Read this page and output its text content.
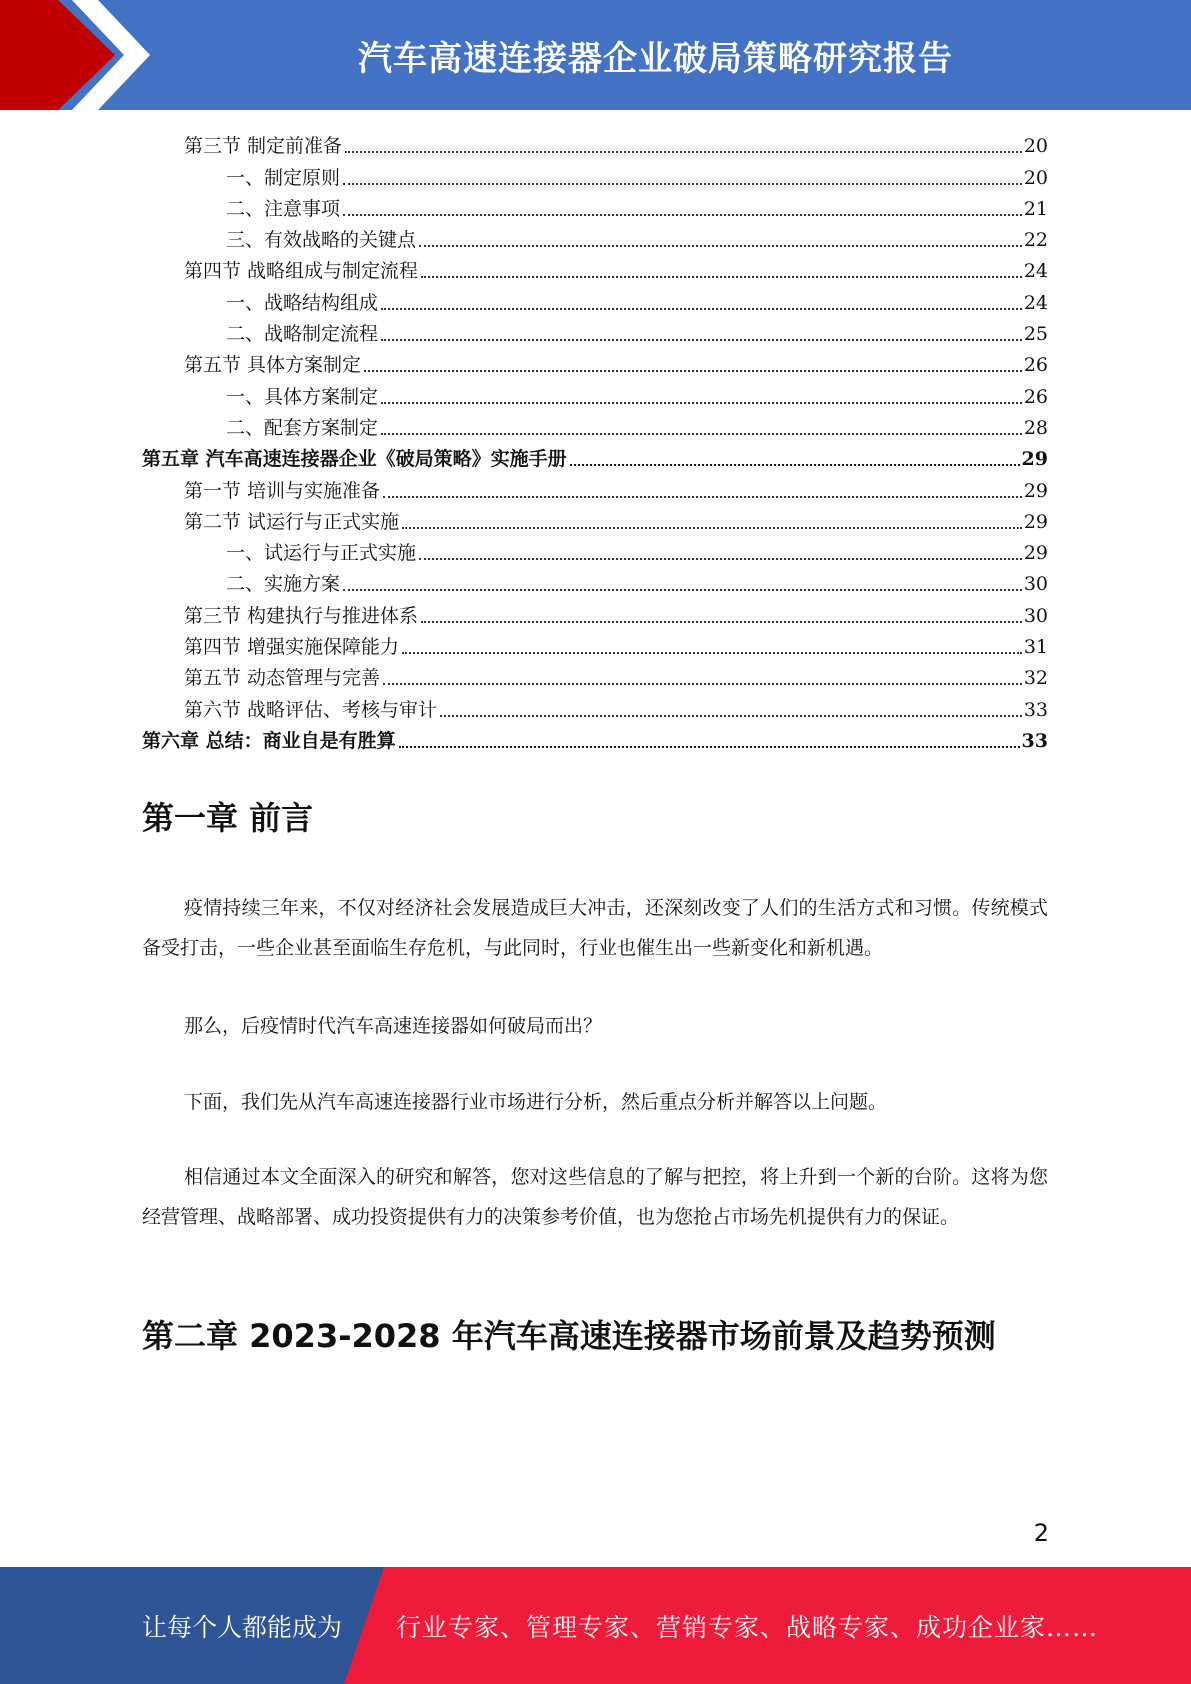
汽车高速连接器企业破局策略研究报告
第三节 制定前准备	20
一、制定原则	20
二、注意事项	21
三、有效战略的关键点	22
第四节 战略组成与制定流程	24
一、战略结构组成	24
二、战略制定流程	25
第五节 具体方案制定	26
一、具体方案制定	26
二、配套方案制定	28
第五章 汽车高速连接器企业《破局策略》实施手册	29
第一节 培训与实施准备	29
第二节 试运行与正式实施	29
一、试运行与正式实施	29
二、实施方案	30
第三节 构建执行与推进体系	30
第四节 增强实施保障能力	31
第五节 动态管理与完善	32
第六节 战略评估、考核与审计	33
第六章 总结：商业自是有胜算	33
第一章 前言

疫情持续三年来，不仅对经济社会发展造成巨大冲击，还深刻改变了人们的生活方式和习惯。传统模式备受打击，一些企业甚至面临生存危机，与此同时，行业也催生出一些新变化和新机遇。

那么，后疫情时代汽车高速连接器如何破局而出？

下面，我们先从汽车高速连接器行业市场进行分析，然后重点分析并解答以上问题。

相信通过本文全面深入的研究和解答，您对这些信息的了解与把控，将上升到一个新的台阶。这将为您经营管理、战略部署、成功投资提供有力的决策参考价值，也为您抢占市场先机提供有力的保证。

第二章 2023-2028 年汽车高速连接器市场前景及趋势预测
2
让每个人都能成为 行业专家、管理专家、营销专家、战略专家、成功企业家……
